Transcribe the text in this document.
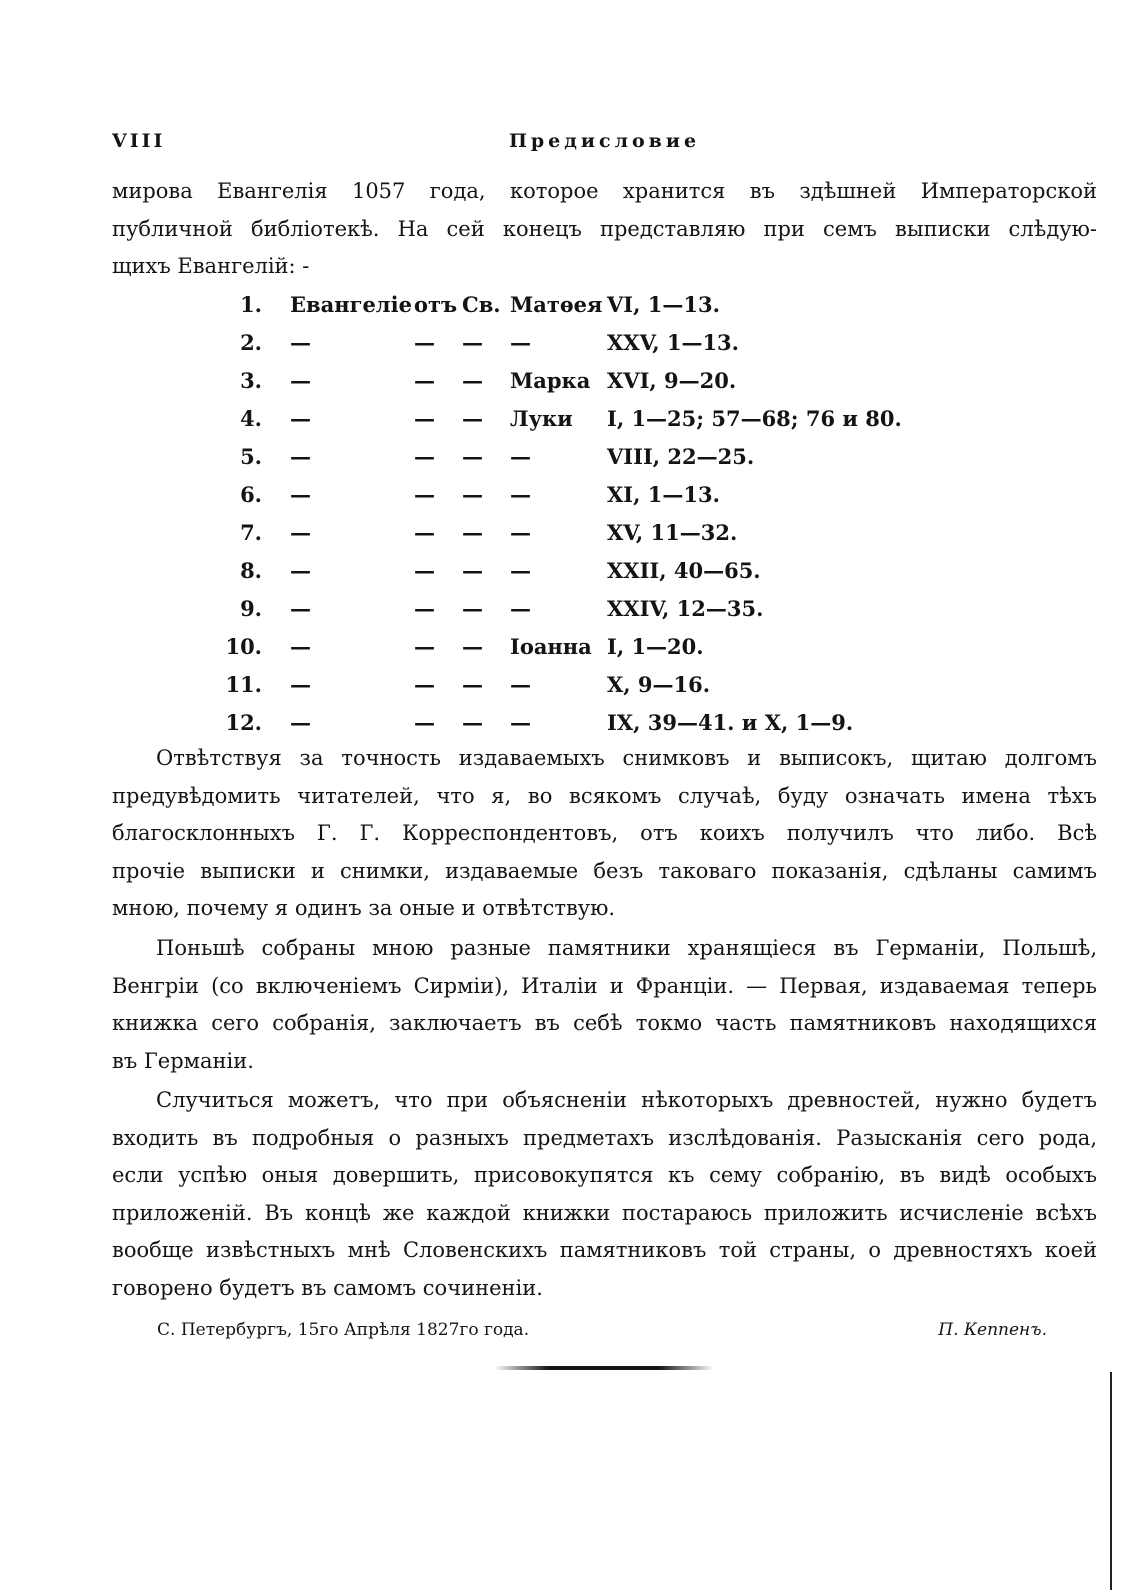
VIII	Предисловие
мирова Евангелія 1057 года, которое хранится въ здѣшней Императорской
публичной библіотекѣ. На сей конецъ представляю при семъ выписки слѣдую-
щихъ Евангелій: -
1. Евангеліе отъ Св. Матѳея VI, 1—13.
2. —	— — —	XXV, 1—13.
3. —	— — Марка XVI, 9—20.
4. —	— — Луки I, 1—25; 57—68; 76 и 80.
5. —	— — —	VIII, 22—25.
6. —	— — —	XI, 1—13.
7. —	— — —	XV, 11—32.
8. —	— — —	XXII, 40—65.
9. —	— — —	XXIV, 12—35.
10. —	— — Іоанна I, 1—20.
11. —	— — —	X, 9—16.
12. —	— — —	IX, 39—41. и X, 1—9.
Отвѣтствуя за точность издаваемыхъ снимковъ и выписокъ, щитаю долгомъ
предувѣдомить читателей, что я, во всякомъ случаѣ, буду означать имена тѣхъ
благосклонныхъ Г. Г. Корреспондентовъ, отъ коихъ получилъ что либо. Всѣ
прочіе выписки и снимки, издаваемые безъ таковаго показанія, сдѣланы самимъ
мною, почему я одинъ за оные и отвѣтствую.
Поньшѣ собраны мною разные памятники хранящіеся въ Германіи, Польшѣ,
Венгріи (со включеніемъ Сирміи), Италіи и Франціи. — Первая, издаваемая теперь
книжка сего собранія, заключаетъ въ себѣ токмо часть памятниковъ находящихся
въ Германіи.
Случиться можетъ, что при объясненіи нѣкоторыхъ древностей, нужно будетъ
входить въ подробныя о разныхъ предметахъ изслѣдованія. Разысканія сего рода,
если успѣю оныя довершить, присовокупятся къ сему собранію, въ видѣ особыхъ
приложеній. Въ концѣ же каждой книжки постараюсь приложить исчисленіе всѣхъ
вообще извѣстныхъ мнѣ Словенскихъ памятниковъ той страны, о древностяхъ коей
говорено будетъ въ самомъ сочиненіи.
С. Петербургъ, 15го Апрѣля 1827го года.	П. Кеппенъ.
